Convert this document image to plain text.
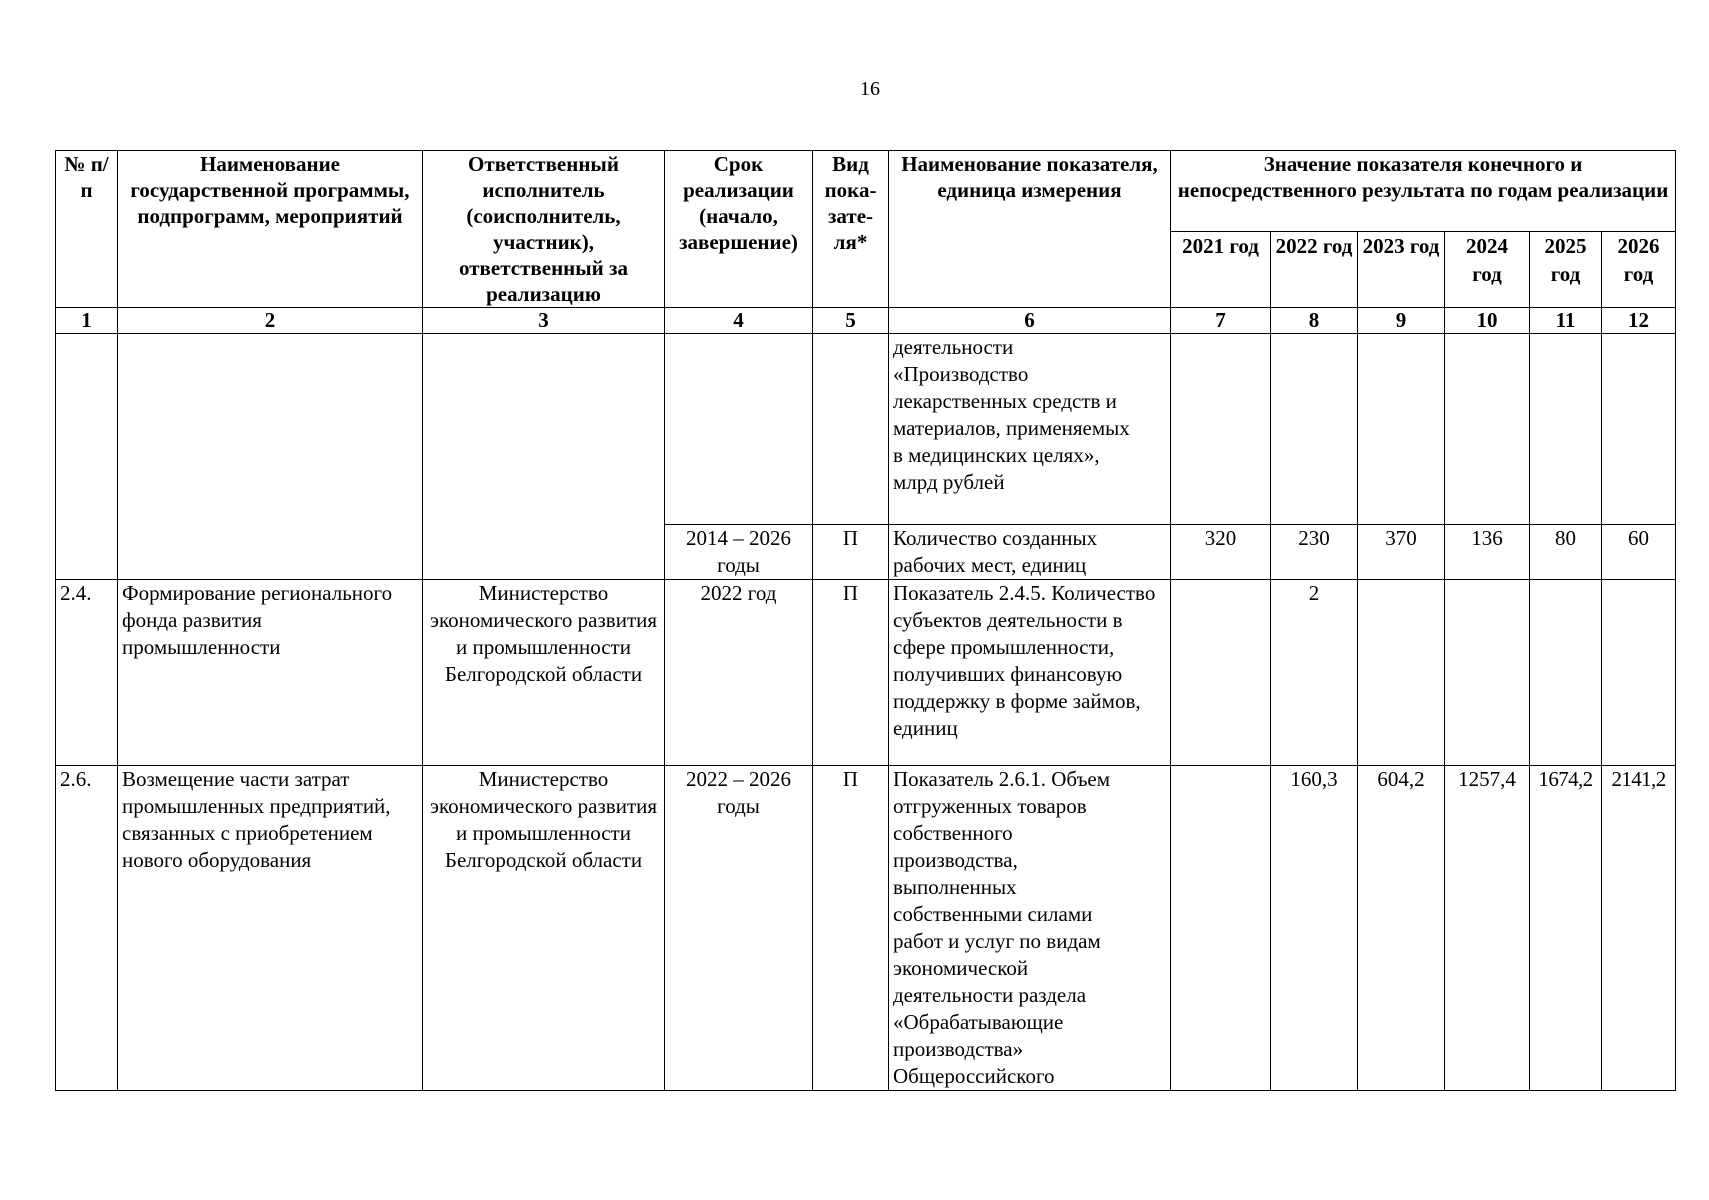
16
№ п/п	Наименование государственной программы, подпрограмм, мероприятий	Ответственный исполнитель (соисполнитель, участник), ответственный за реализацию	Срок реализации (начало, завершение)	Вид пока-зате-ля*	Наименование показателя, единица измерения	Значение показателя конечного и непосредственного результата по годам реализации					
						2021 год	2022 год	2023 год	2024 год	2025 год	2026 год
1	2	3	4	5	6	7	8	9	10	11	12
					деятельности «Производство лекарственных средств и материалов, применяемых в медицинских целях», млрд рублей						
			2014 – 2026 годы	П	Количество созданных рабочих мест, единиц	320	230	370	136	80	60
2.4.	Формирование регионального фонда развития промышленности	Министерство экономического развития и промышленности Белгородской области	2022 год	П	Показатель 2.4.5. Количество субъектов деятельности в сфере промышленности, получивших финансовую поддержку в форме займов, единиц		2				
2.6.	Возмещение части затрат промышленных предприятий, связанных с приобретением нового оборудования	Министерство экономического развития и промышленности Белгородской области	2022 – 2026 годы	П	Показатель 2.6.1. Объем отгруженных товаров собственного производства, выполненных собственными силами работ и услуг по видам экономической деятельности раздела «Обрабатывающие производства» Общероссийского		160,3	604,2	1257,4	1674,2	2141,2
